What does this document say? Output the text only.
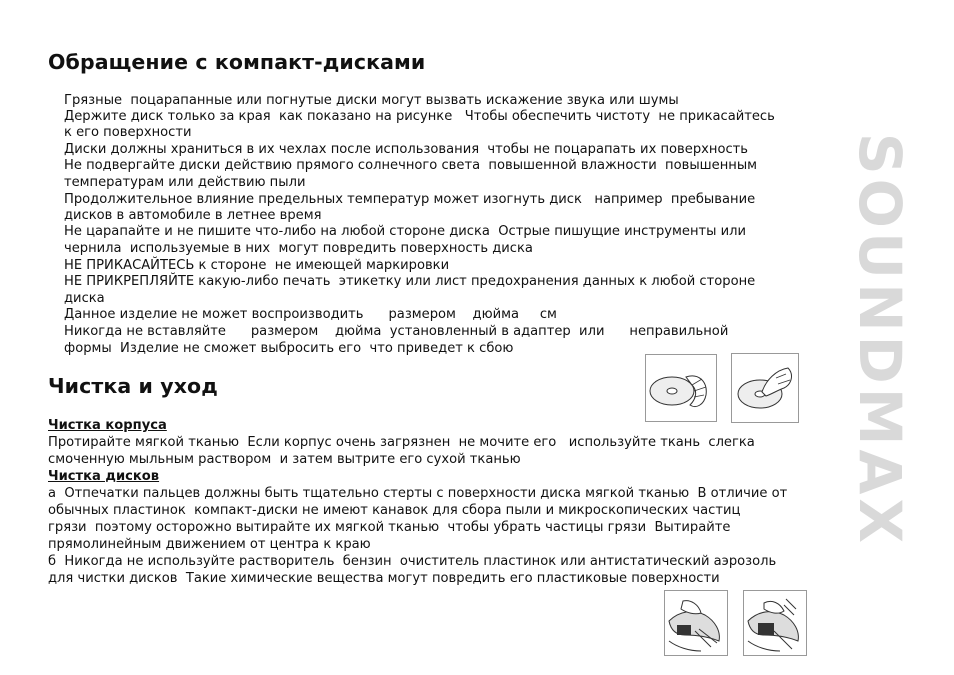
Обращение с компакт-дисками
Грязные  поцарапанные или погнутые диски могут вызвать искажение звука или шумы
Держите диск только за края  как показано на рисунке   Чтобы обеспечить чистоту  не прикасайтесь
к его поверхности
Диски должны храниться в их чехлах после использования  чтобы не поцарапать их поверхность
Не подвергайте диски действию прямого солнечного света  повышенной влажности  повышенным
температурам или действию пыли
Продолжительное влияние предельных температур может изогнуть диск   например  пребывание
дисков в автомобиле в летнее время
Не царапайте и не пишите что-либо на любой стороне диска  Острые пишущие инструменты или
чернила  используемые в них  могут повредить поверхность диска
НЕ ПРИКАСАЙТЕСЬ к стороне  не имеющей маркировки
НЕ ПРИКРЕПЛЯЙТЕ какую-либо печать  этикетку или лист предохранения данных к любой стороне
диска
Данное изделие не может воспроизводить      размером    дюйма     см
Никогда не вставляйте      размером    дюйма  установленный в адаптер  или      неправильной
формы  Изделие не сможет выбросить его  что приведет к сбою
Чистка и уход
Чистка корпуса
Протирайте мягкой тканью  Если корпус очень загрязнен  не мочите его   используйте ткань  слегка
смоченную мыльным раствором  и затем вытрите его сухой тканью
Чистка дисков
а  Отпечатки пальцев должны быть тщательно стерты с поверхности диска мягкой тканью  В отличие от
обычных пластинок  компакт-диски не имеют канавок для сбора пыли и микроскопических частиц
грязи  поэтому осторожно вытирайте их мягкой тканью  чтобы убрать частицы грязи  Вытирайте
прямолинейным движением от центра к краю
б  Никогда не используйте растворитель  бензин  очиститель пластинок или антистатический аэрозоль
для чистки дисков  Такие химические вещества могут повредить его пластиковые поверхности
SOUNDMAX
